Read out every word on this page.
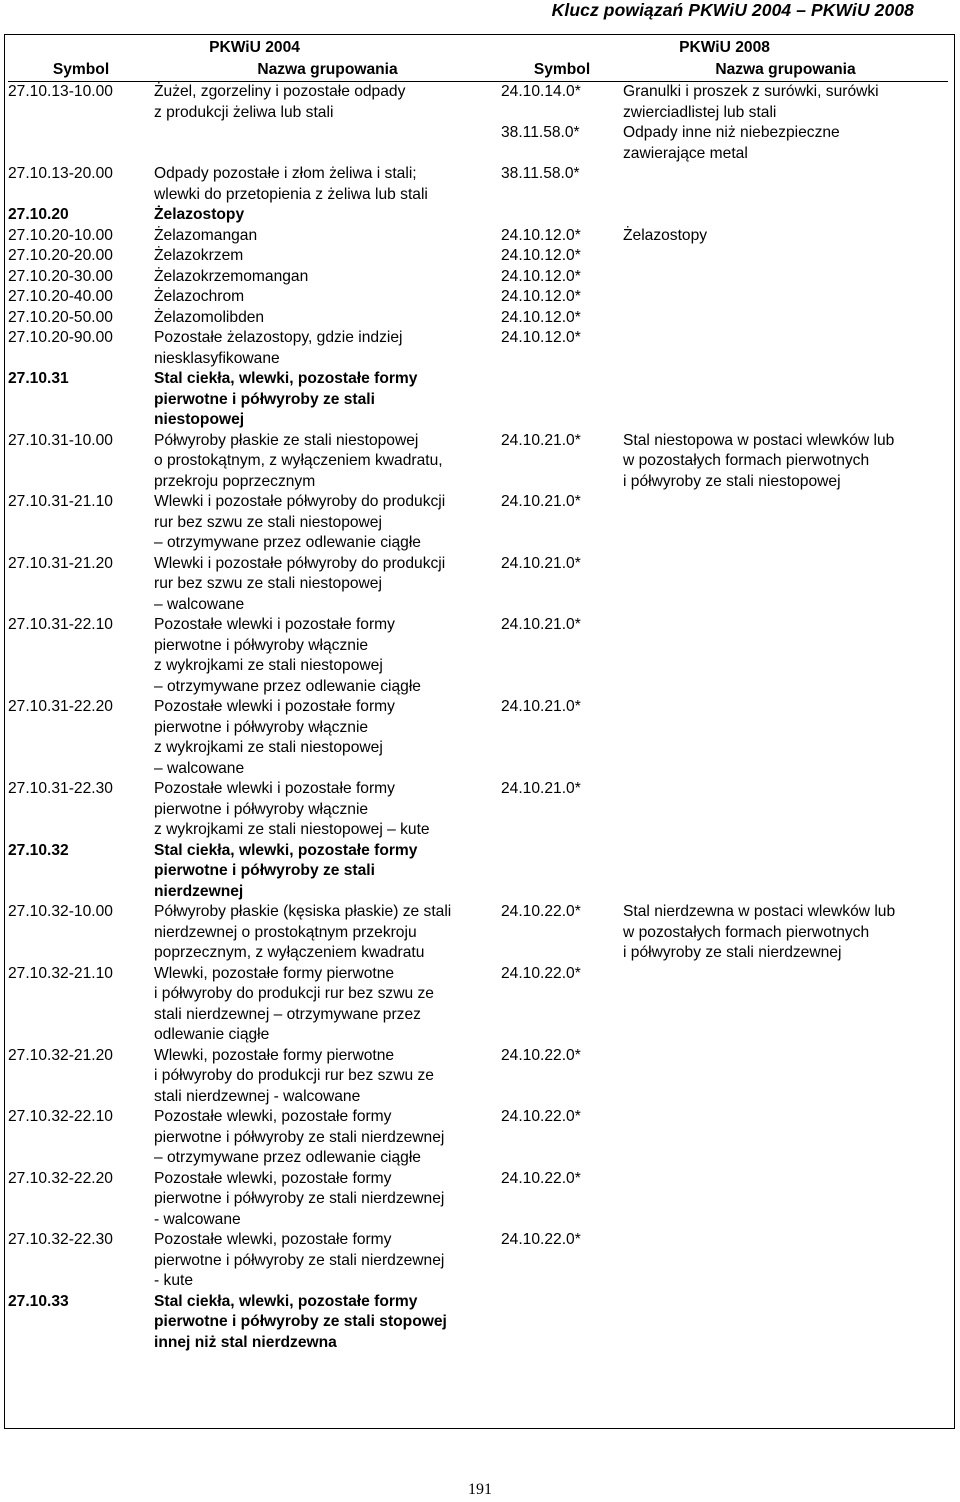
Klucz powiązań PKWiU 2004 – PKWiU 2008
PKWiU 2004		PKWiU 2008	
Symbol	Nazwa grupowania	Symbol	Nazwa grupowania
27.10.13-10.00	Żużel, zgorzeliny i pozostałe odpady
z produkcji żeliwa lub stali	24.10.14.0*	Granulki i proszek z surówki, surówki
zwierciadlistej lub stali
		38.11.58.0*	Odpady inne niż niebezpieczne
zawierające metal
27.10.13-20.00	Odpady pozostałe i złom żeliwa i stali;
wlewki do przetopienia z żeliwa lub stali	38.11.58.0*	
27.10.20	Żelazostopy		
27.10.20-10.00	Żelazomangan	24.10.12.0*	Żelazostopy
27.10.20-20.00	Żelazokrzem	24.10.12.0*	
27.10.20-30.00	Żelazokrzemomangan	24.10.12.0*	
27.10.20-40.00	Żelazochrom	24.10.12.0*	
27.10.20-50.00	Żelazomolibden	24.10.12.0*	
27.10.20-90.00	Pozostałe żelazostopy, gdzie indziej
niesklasyfikowane	24.10.12.0*	
27.10.31	Stal ciekła, wlewki, pozostałe formy
pierwotne i półwyroby ze stali
niestopowej		
27.10.31-10.00	Półwyroby płaskie ze stali niestopowej
o prostokątnym, z wyłączeniem kwadratu,
przekroju poprzecznym	24.10.21.0*	Stal niestopowa w postaci wlewków lub
w pozostałych formach pierwotnych
i półwyroby ze stali niestopowej
27.10.31-21.10	Wlewki i pozostałe półwyroby do produkcji
rur bez szwu ze stali niestopowej
– otrzymywane przez odlewanie ciągłe	24.10.21.0*	
27.10.31-21.20	Wlewki i pozostałe półwyroby do produkcji
rur bez szwu ze stali niestopowej
– walcowane	24.10.21.0*	
27.10.31-22.10	Pozostałe wlewki i pozostałe formy
pierwotne i półwyroby włącznie
z wykrojkami ze stali niestopowej
– otrzymywane przez odlewanie ciągłe	24.10.21.0*	
27.10.31-22.20	Pozostałe wlewki i pozostałe formy
pierwotne i półwyroby włącznie
z wykrojkami ze stali niestopowej
– walcowane	24.10.21.0*	
27.10.31-22.30	Pozostałe wlewki i pozostałe formy
pierwotne i półwyroby włącznie
z wykrojkami ze stali niestopowej – kute	24.10.21.0*	
27.10.32	Stal ciekła, wlewki, pozostałe formy
pierwotne i półwyroby ze stali
nierdzewnej		
27.10.32-10.00	Półwyroby płaskie (kęsiska płaskie) ze stali
nierdzewnej o prostokątnym przekroju
poprzecznym, z wyłączeniem kwadratu	24.10.22.0*	Stal nierdzewna w postaci wlewków lub
w pozostałych formach pierwotnych
i półwyroby ze stali nierdzewnej
27.10.32-21.10	Wlewki, pozostałe formy pierwotne
i półwyroby do produkcji rur bez szwu ze
stali nierdzewnej – otrzymywane przez
odlewanie ciągłe	24.10.22.0*	
27.10.32-21.20	Wlewki, pozostałe formy pierwotne
i półwyroby do produkcji rur bez szwu ze
stali nierdzewnej - walcowane	24.10.22.0*	
27.10.32-22.10	Pozostałe wlewki, pozostałe formy
pierwotne i półwyroby ze stali nierdzewnej
– otrzymywane przez odlewanie ciągłe	24.10.22.0*	
27.10.32-22.20	Pozostałe wlewki, pozostałe formy
pierwotne i półwyroby ze stali nierdzewnej
- walcowane	24.10.22.0*	
27.10.32-22.30	Pozostałe wlewki, pozostałe formy
pierwotne i półwyroby ze stali nierdzewnej
- kute	24.10.22.0*	
27.10.33	Stal ciekła, wlewki, pozostałe formy
pierwotne i półwyroby ze stali stopowej
innej niż stal nierdzewna		
191
